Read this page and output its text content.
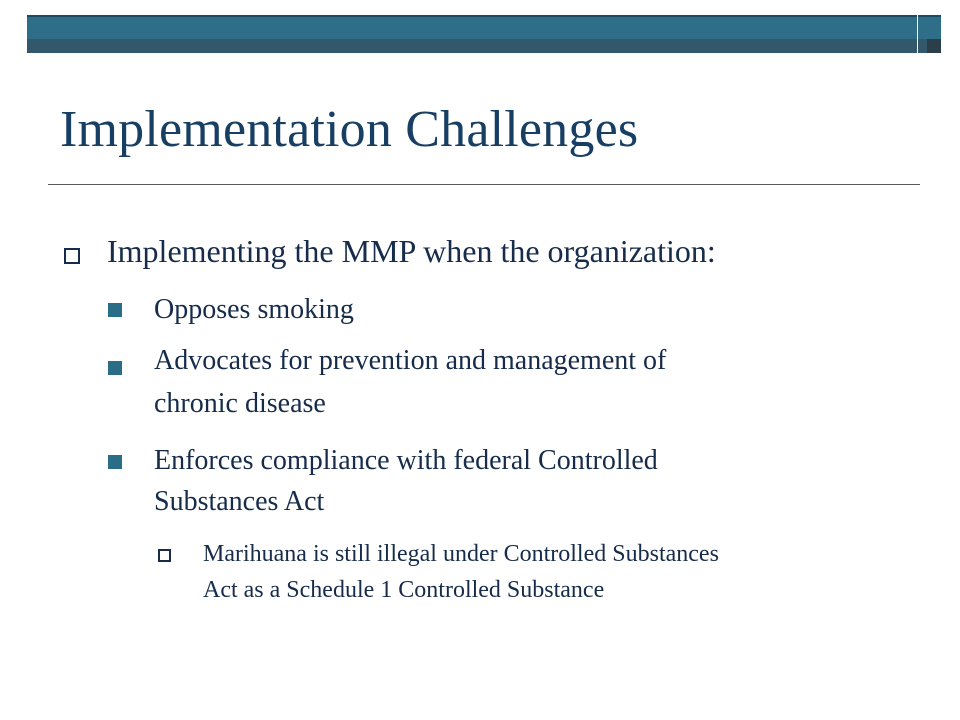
Implementation Challenges
Implementing the MMP when the organization:
Opposes smoking
Advocates for prevention and management of
chronic disease
Enforces compliance with federal Controlled
Substances Act
Marihuana is still illegal under Controlled Substances
Act as a Schedule 1 Controlled Substance
